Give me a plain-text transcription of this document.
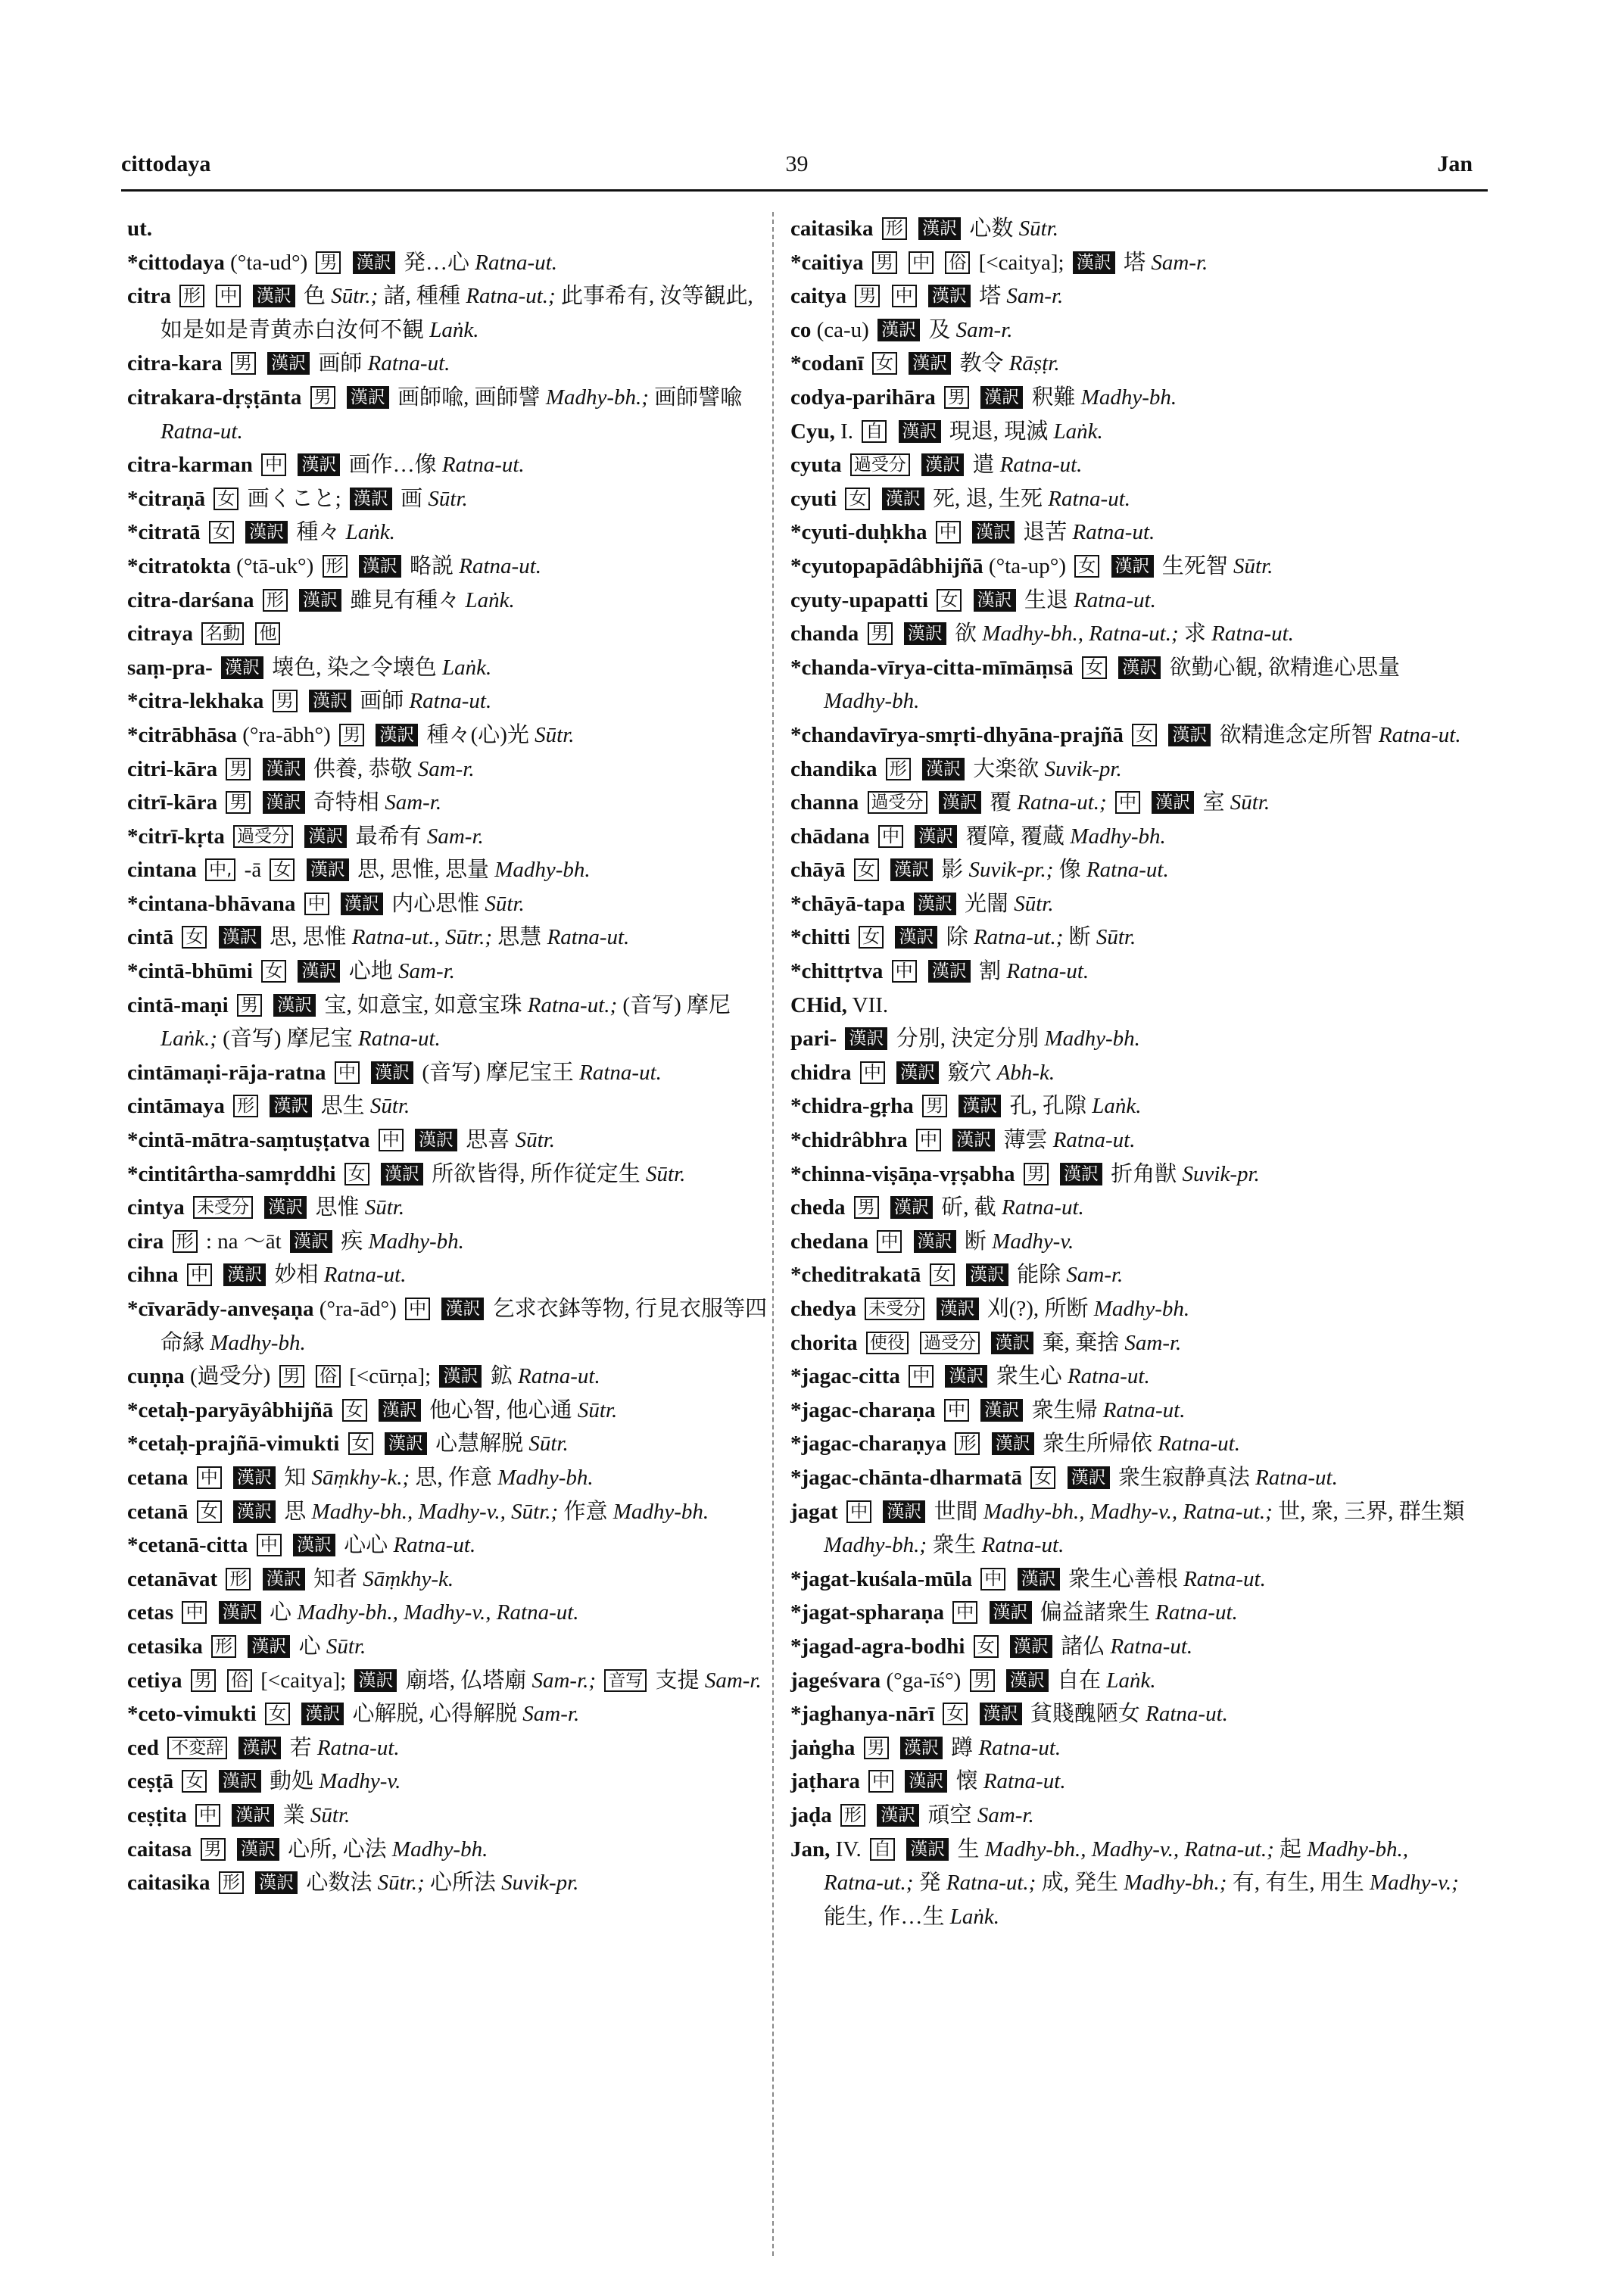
cittodaya	39	Jan
ut.
*cittodaya (°ta-ud°) 男 漢訳 発…心 Ratna-ut.
citra 形 中 漢訳 色 Sūtr.; 諸, 種種 Ratna-ut.; 此事希有, 汝等観此, 如是如是青黄赤白汝何不観 Laṅk.
citra-kara 男 漢訳 画師 Ratna-ut.
citrakara-dṛṣṭānta 男 漢訳 画師喩, 画師譬 Madhy-bh.; 画師譬喩 Ratna-ut.
citra-karman 中 漢訳 画作…像 Ratna-ut.
*citraṇā 女 画くこと; 漢訳 画 Sūtr.
*citratā 女 漢訳 種々 Laṅk.
*citratokta (°tā-uk°) 形 漢訳 略説 Ratna-ut.
citra-darśana 形 漢訳 雖見有種々 Laṅk.
citraya 名動 他
saṃ-pra- 漢訳 壊色, 染之令壊色 Laṅk.
*citra-lekhaka 男 漢訳 画師 Ratna-ut.
*citrābhāsa (°ra-ābh°) 男 漢訳 種々(心)光 Sūtr.
citri-kāra 男 漢訳 供養, 恭敬 Sam-r.
citrī-kāra 男 漢訳 奇特相 Sam-r.
*citrī-kṛta 過受分 漢訳 最希有 Sam-r.
cintana 中, -ā 女 漢訳 思, 思惟, 思量 Madhy-bh.
*cintana-bhāvana 中 漢訳 内心思惟 Sūtr.
cintā 女 漢訳 思, 思惟 Ratna-ut., Sūtr.; 思慧 Ratna-ut.
*cintā-bhūmi 女 漢訳 心地 Sam-r.
cintā-maṇi 男 漢訳 宝, 如意宝, 如意宝珠 Ratna-ut.; (音写) 摩尼 Laṅk.; (音写) 摩尼宝 Ratna-ut.
cintāmaṇi-rāja-ratna 中 漢訳 (音写) 摩尼宝王 Ratna-ut.
cintāmaya 形 漢訳 思生 Sūtr.
*cintā-mātra-saṃtuṣṭatva 中 漢訳 思喜 Sūtr.
*cintitârtha-samṛddhi 女 漢訳 所欲皆得, 所作従定生 Sūtr.
cintya 未受分 漢訳 思惟 Sūtr.
cira 形 : na ～āt 漢訳 疾 Madhy-bh.
cihna 中 漢訳 妙相 Ratna-ut.
*cīvarādy-anveṣaṇa (°ra-ād°) 中 漢訳 乞求衣鉢等物, 行見衣服等四命縁 Madhy-bh.
cuṇṇa (過受分) 男 俗 [<cūrṇa]; 漢訳 鉱 Ratna-ut.
*cetaḥ-paryāyâbhijñā 女 漢訳 他心智, 他心通 Sūtr.
*cetaḥ-prajñā-vimukti 女 漢訳 心慧解脱 Sūtr.
cetana 中 漢訳 知 Sāṃkhy-k.; 思, 作意 Madhy-bh.
cetanā 女 漢訳 思 Madhy-bh., Madhy-v., Sūtr.; 作意 Madhy-bh.
*cetanā-citta 中 漢訳 心心 Ratna-ut.
cetanāvat 形 漢訳 知者 Sāṃkhy-k.
cetas 中 漢訳 心 Madhy-bh., Madhy-v., Ratna-ut.
cetasika 形 漢訳 心 Sūtr.
cetiya 男 俗 [<caitya]; 漢訳 廟塔, 仏塔廟 Sam-r.; 音写 支提 Sam-r.
*ceto-vimukti 女 漢訳 心解脱, 心得解脱 Sam-r.
ced 不変辞 漢訳 若 Ratna-ut.
ceṣṭā 女 漢訳 動処 Madhy-v.
ceṣṭita 中 漢訳 業 Sūtr.
caitasa 男 漢訳 心所, 心法 Madhy-bh.
caitasika 形 漢訳 心数法 Sūtr.; 心所法 Suvik-pr.
caitasika 形 漢訳 心数 Sūtr.
*caitiya 男 中 俗 [<caitya]; 漢訳 塔 Sam-r.
caitya 男 中 漢訳 塔 Sam-r.
co (ca-u) 漢訳 及 Sam-r.
*codanī 女 漢訳 教令 Rāṣṭr.
codya-parihāra 男 漢訳 釈難 Madhy-bh.
Cyu, I. 自 漢訳 現退, 現滅 Laṅk.
cyuta 過受分 漢訳 遣 Ratna-ut.
cyuti 女 漢訳 死, 退, 生死 Ratna-ut.
*cyuti-duḥkha 中 漢訳 退苦 Ratna-ut.
*cyutopapādâbhijñā (°ta-up°) 女 漢訳 生死智 Sūtr.
cyuty-upapatti 女 漢訳 生退 Ratna-ut.
chanda 男 漢訳 欲 Madhy-bh., Ratna-ut.; 求 Ratna-ut.
*chanda-vīrya-citta-mīmāṃsā 女 漢訳 欲勤心観, 欲精進心思量 Madhy-bh.
*chandavīrya-smṛti-dhyāna-prajñā 女 漢訳 欲精進念定所智 Ratna-ut.
chandika 形 漢訳 大楽欲 Suvik-pr.
channa 過受分 漢訳 覆 Ratna-ut.; 中 漢訳 室 Sūtr.
chādana 中 漢訳 覆障, 覆蔵 Madhy-bh.
chāyā 女 漢訳 影 Suvik-pr.; 像 Ratna-ut.
*chāyā-tapa 漢訳 光闇 Sūtr.
*chitti 女 漢訳 除 Ratna-ut.; 断 Sūtr.
*chittṛtva 中 漢訳 割 Ratna-ut.
CHid, VII.
pari- 漢訳 分別, 決定分別 Madhy-bh.
chidra 中 漢訳 竅穴 Abh-k.
*chidra-gṛha 男 漢訳 孔, 孔隙 Laṅk.
*chidrâbhra 中 漢訳 薄雲 Ratna-ut.
*chinna-viṣāṇa-vṛṣabha 男 漢訳 折角獣 Suvik-pr.
cheda 男 漢訳 斫, 截 Ratna-ut.
chedana 中 漢訳 断 Madhy-v.
*cheditrakatā 女 漢訳 能除 Sam-r.
chedya 未受分 漢訳 刈(?), 所断 Madhy-bh.
chorita 使役 過受分 漢訳 棄, 棄捨 Sam-r.
*jagac-citta 中 漢訳 衆生心 Ratna-ut.
*jagac-charaṇa 中 漢訳 衆生帰 Ratna-ut.
*jagac-charaṇya 形 漢訳 衆生所帰依 Ratna-ut.
*jagac-chānta-dharmatā 女 漢訳 衆生寂静真法 Ratna-ut.
jagat 中 漢訳 世間 Madhy-bh., Madhy-v., Ratna-ut.; 世, 衆, 三界, 群生類 Madhy-bh.; 衆生 Ratna-ut.
*jagat-kuśala-mūla 中 漢訳 衆生心善根 Ratna-ut.
*jagat-spharaṇa 中 漢訳 偏益諸衆生 Ratna-ut.
*jagad-agra-bodhi 女 漢訳 諸仏 Ratna-ut.
jageśvara (°ga-īś°) 男 漢訳 自在 Laṅk.
*jaghanya-nārī 女 漢訳 貧賤醜陋女 Ratna-ut.
jaṅgha 男 漢訳 蹲 Ratna-ut.
jaṭhara 中 漢訳 懐 Ratna-ut.
jaḍa 形 漢訳 頑空 Sam-r.
Jan, IV. 自 漢訳 生 Madhy-bh., Madhy-v., Ratna-ut.; 起 Madhy-bh., Ratna-ut.; 発 Ratna-ut.; 成, 発生 Madhy-bh.; 有, 有生, 用生 Madhy-v.; 能生, 作…生 Laṅk.
